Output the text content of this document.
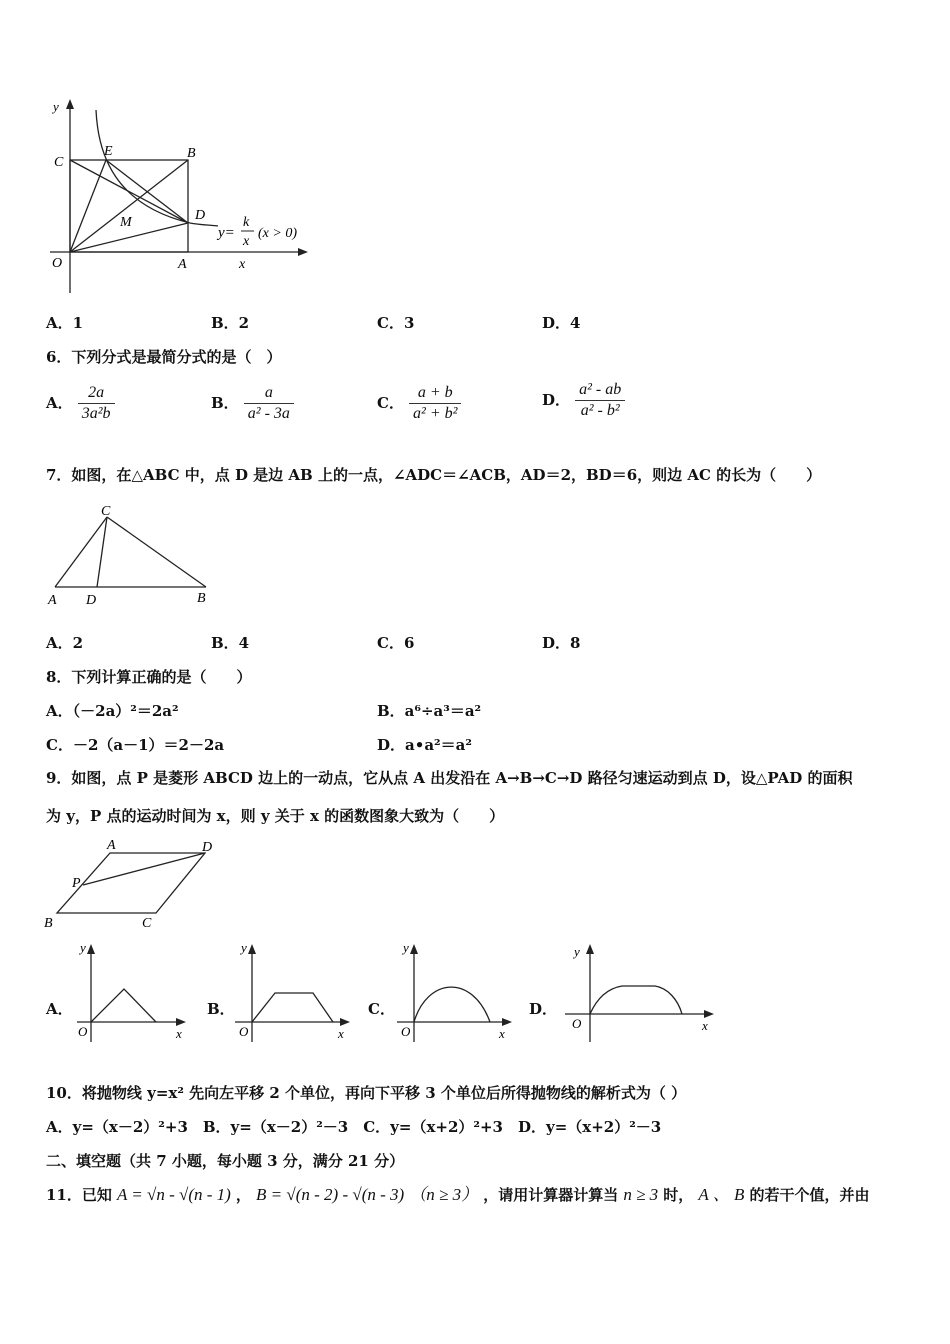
y
C
E	B
D
M
O	A	x
y=
k
x
(x > 0)
A．1	B．2	C．3	D．4
6．下列分式是最简分式的是（　）
A． $\frac{2a}{\text{3a²b}}$	B． $\frac{a}{\text{a² - 3a}}$	C． $\frac{a + b}{\text{a² + b²}}$	D． $\frac{\text{a² - ab}}{\text{a² - b²}}$
7．如图，在△ABC 中，点 D 是边 AB 上的一点，∠ADC＝∠ACB，AD＝2，BD＝6，则边 AC 的长为（　　）
C
A D	B
A．2	B．4	C．6	D．8
8．下列计算正确的是（　　）
A．（－2a）²＝2a²	B．a⁶÷a³＝a²
C．－2（a－1）＝2－2a	D．a•a²＝a²
9．如图，点 P 是菱形 ABCD 边上的一动点，它从点 A 出发沿在 A→B→C→D 路径匀速运动到点 D，设△PAD 的面积
为 y，P 点的运动时间为 x，则 y 关于 x 的函数图象大致为（　　）
A	D
P
B	C
A．
y
O	x
B．
y
O	x
C．
y
O	x
D．
y
O	x
10．将抛物线 y=x² 先向左平移 2 个单位，再向下平移 3 个单位后所得抛物线的解析式为（ ）
A．y=（x－2）²+3　B．y=（x－2）²－3　C．y=（x+2）²+3　D．y=（x+2）²－3
二、填空题（共 7 小题，每小题 3 分，满分 21 分）
11．已知 A = √n - √(n - 1) ， B = √(n - 2) - √(n - 3) （n ≥ 3） ，请用计算器计算当 n ≥ 3 时， A 、 B 的若干个值，并由
